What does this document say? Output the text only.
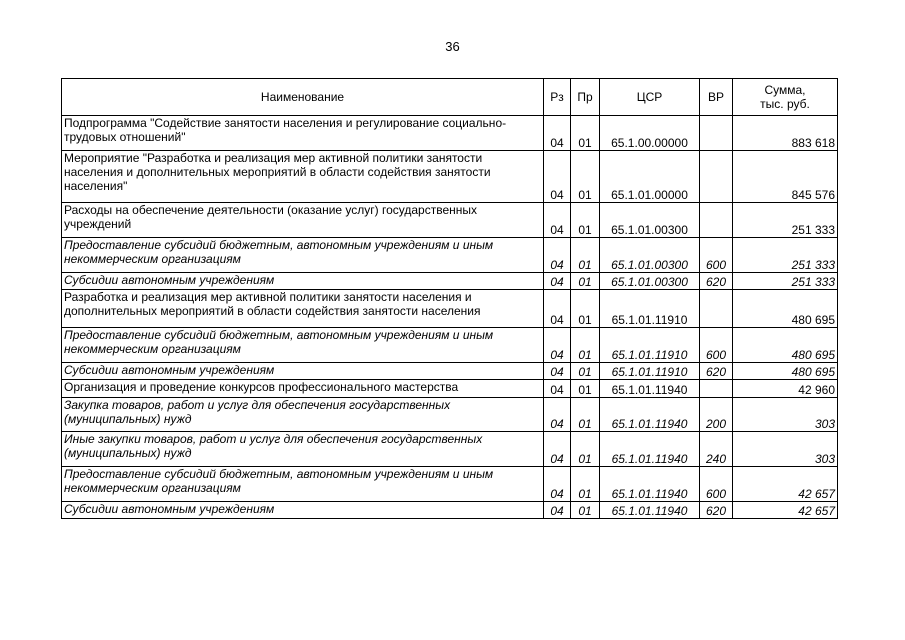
36
Наименование	Рз	Пр	ЦСР	ВР	Сумма,
тыс. руб.

Подпрограмма "Содействие занятости населения и регулирование социально-трудовых отношений"	04	01	65.1.00.00000		883 618
Мероприятие "Разработка и реализация мер активной политики занятости населения и дополнительных мероприятий в области содействия занятости населения"	04	01	65.1.01.00000		845 576
Расходы на обеспечение деятельности (оказание услуг) государственных учреждений	04	01	65.1.01.00300		251 333
Предоставление субсидий бюджетным, автономным учреждениям и иным некоммерческим организациям	04	01	65.1.01.00300	600	251 333
Субсидии автономным учреждениям	04	01	65.1.01.00300	620	251 333
Разработка и реализация мер активной политики занятости населения и дополнительных мероприятий в области содействия занятости населения	04	01	65.1.01.11910		480 695
Предоставление субсидий бюджетным, автономным учреждениям и иным некоммерческим организациям	04	01	65.1.01.11910	600	480 695
Субсидии автономным учреждениям	04	01	65.1.01.11910	620	480 695
Организация и проведение конкурсов профессионального мастерства	04	01	65.1.01.11940		42 960
Закупка товаров, работ и услуг для обеспечения государственных (муниципальных) нужд	04	01	65.1.01.11940	200	303
Иные закупки товаров, работ и услуг для обеспечения государственных (муниципальных) нужд	04	01	65.1.01.11940	240	303
Предоставление субсидий бюджетным, автономным учреждениям и иным некоммерческим организациям	04	01	65.1.01.11940	600	42 657
Субсидии автономным учреждениям	04	01	65.1.01.11940	620	42 657
